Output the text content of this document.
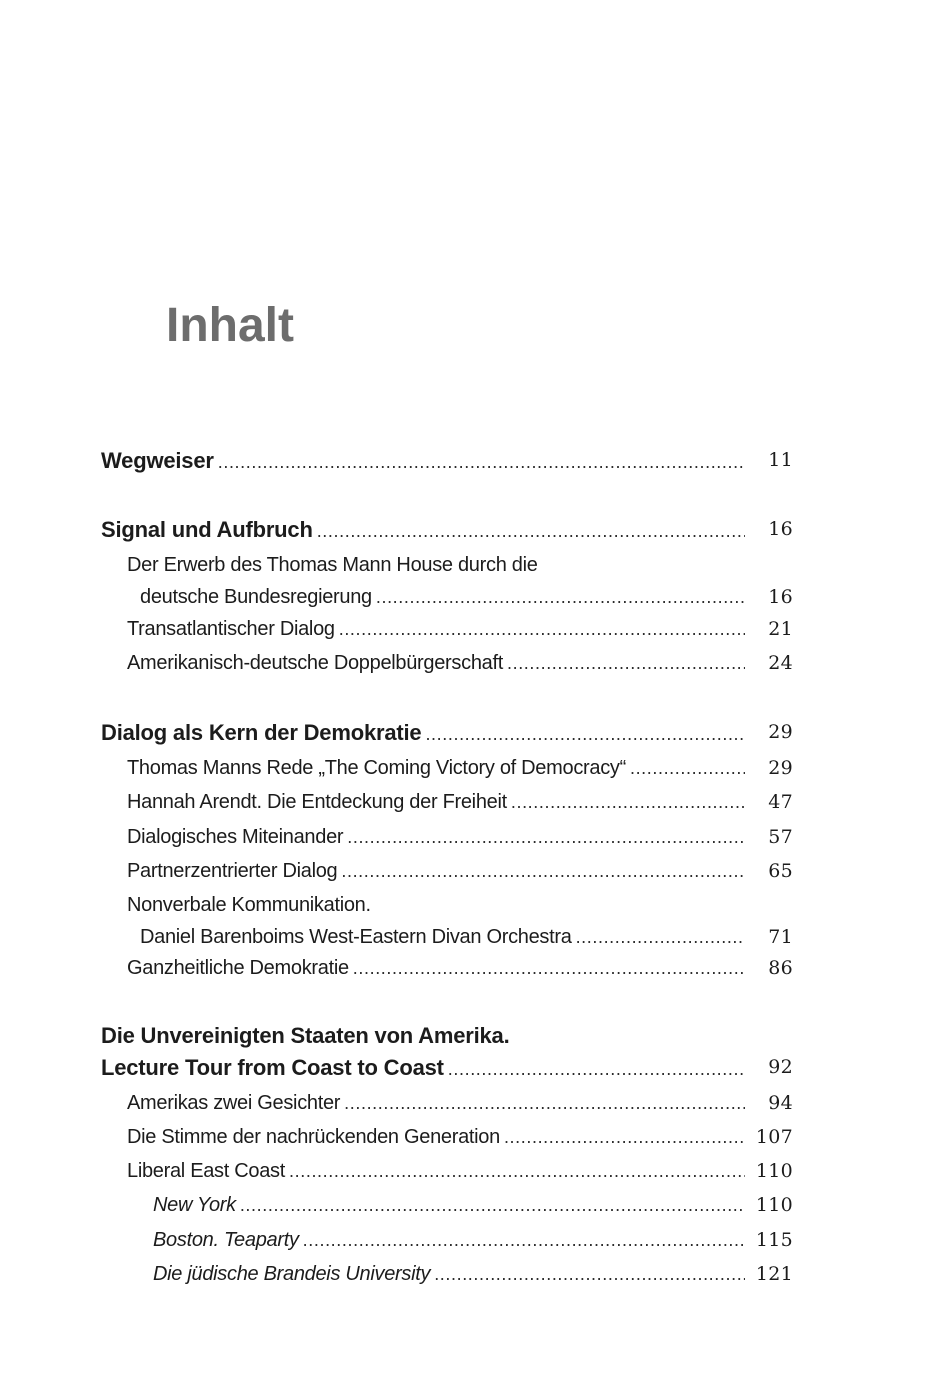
Inhalt
Wegweiser . . .	11
Signal und Aufbruch . . .	16
Der Erwerb des Thomas Mann House durch die
deutsche Bundesregierung . . .	16
Transatlantischer Dialog . . .	21
Amerikanisch-deutsche Doppelbürgerschaft . . .	24
Dialog als Kern der Demokratie . . .	29
Thomas Manns Rede „The Coming Victory of Democracy“ . . .	29
Hannah Arendt. Die Entdeckung der Freiheit . . .	47
Dialogisches Miteinander . . .	57
Partnerzentrierter Dialog . . .	65
Nonverbale Kommunikation.
Daniel Barenboims West-Eastern Divan Orchestra . . .	71
Ganzheitliche Demokratie . . .	86
Die Unvereinigten Staaten von Amerika.
Lecture Tour from Coast to Coast . . .	92
Amerikas zwei Gesichter . . .	94
Die Stimme der nachrückenden Generation . . .	107
Liberal East Coast . . .	110
New York . . .	110
Boston. Teaparty . . .	115
Die jüdische Brandeis University . . .	121
